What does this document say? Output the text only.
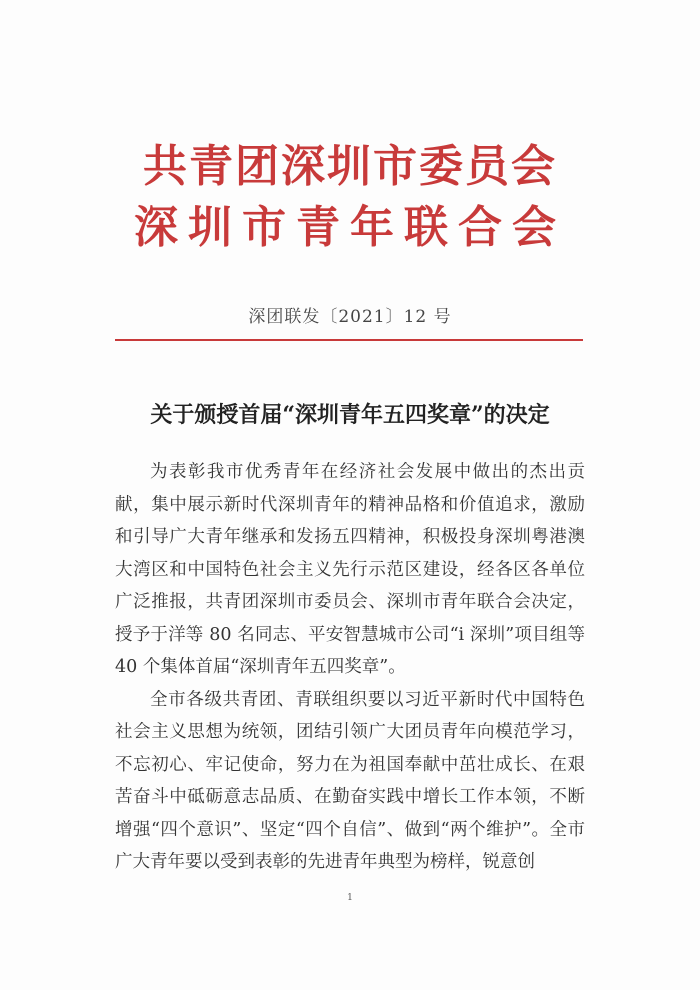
共青团深圳市委员会
深圳市青年联合会
深团联发〔2021〕12 号
关于颁授首届“深圳青年五四奖章”的决定

为表彰我市优秀青年在经济社会发展中做出的杰出贡献，集中展示新时代深圳青年的精神品格和价值追求，激励和引导广大青年继承和发扬五四精神，积极投身深圳粤港澳大湾区和中国特色社会主义先行示范区建设，经各区各单位广泛推报，共青团深圳市委员会、深圳市青年联合会决定，授予于洋等 80 名同志、平安智慧城市公司“i 深圳”项目组等 40 个集体首届“深圳青年五四奖章”。

全市各级共青团、青联组织要以习近平新时代中国特色社会主义思想为统领，团结引领广大团员青年向模范学习，不忘初心、牢记使命，努力在为祖国奉献中茁壮成长、在艰苦奋斗中砥砺意志品质、在勤奋实践中增长工作本领，不断增强“四个意识”、坚定“四个自信”、做到“两个维护”。全市广大青年要以受到表彰的先进青年典型为榜样，锐意创

1
